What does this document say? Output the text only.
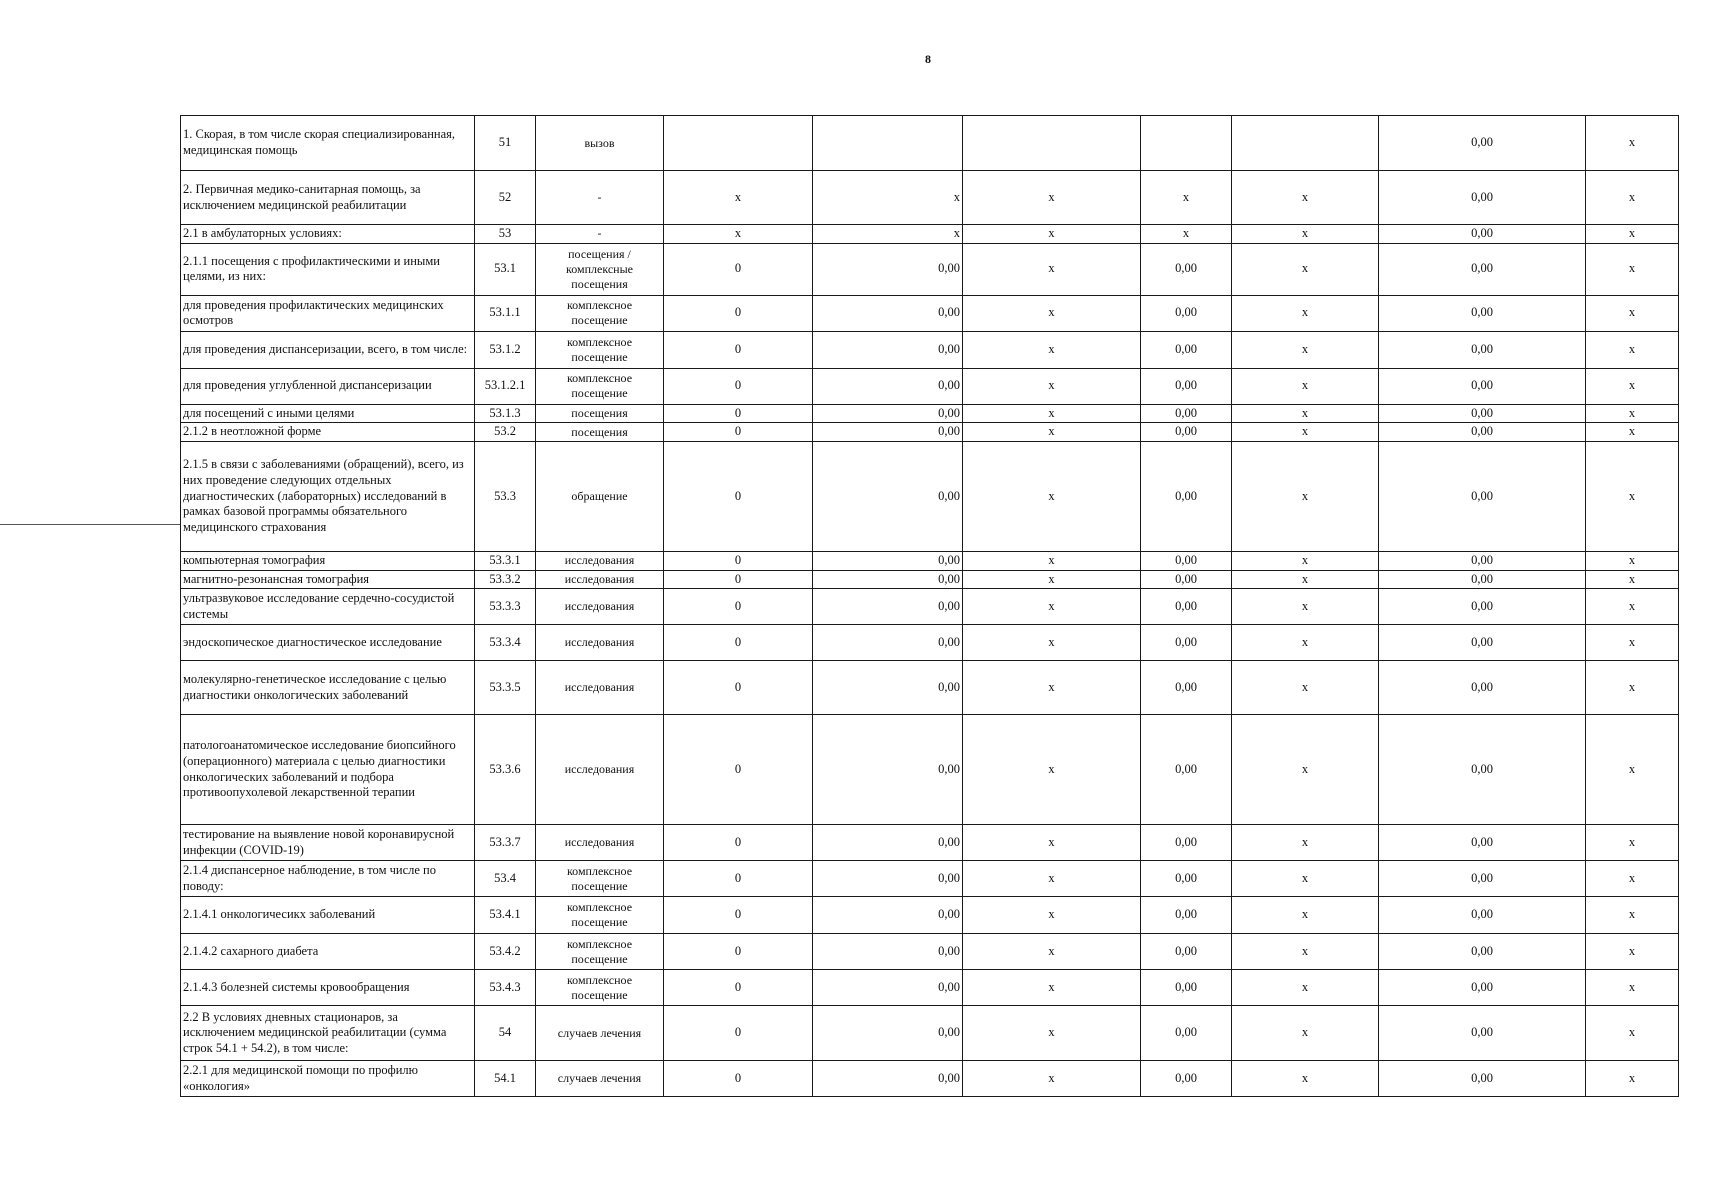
8
1. Скорая, в том числе скорая специализированная, медицинская помощь	51	вызов						0,00	x
2. Первичная медико-санитарная помощь, за исключением медицинской реабилитации	52	-	x	x	x	x	x	0,00	x
2.1 в амбулаторных условиях:	53	-	x	x	x	x	x	0,00	x
2.1.1 посещения с профилактическими и иными целями, из них:	53.1	посещения / комплексные посещения	0	0,00	x	0,00	x	0,00	x
для проведения профилактических медицинских осмотров	53.1.1	комплексное посещение	0	0,00	x	0,00	x	0,00	x
для проведения диспансеризации, всего, в том числе:	53.1.2	комплексное посещение	0	0,00	x	0,00	x	0,00	x
для проведения углубленной диспансеризации	53.1.2.1	комплексное посещение	0	0,00	x	0,00	x	0,00	x
для посещений с иными целями	53.1.3	посещения	0	0,00	x	0,00	x	0,00	x
2.1.2 в неотложной форме	53.2	посещения	0	0,00	x	0,00	x	0,00	x
2.1.5 в связи с заболеваниями (обращений), всего, из них проведение следующих отдельных диагностических (лабораторных) исследований в рамках базовой программы обязательного медицинского страхования	53.3	обращение	0	0,00	x	0,00	x	0,00	x
компьютерная томография	53.3.1	исследования	0	0,00	x	0,00	x	0,00	x
магнитно-резонансная томография	53.3.2	исследования	0	0,00	x	0,00	x	0,00	x
ультразвуковое исследование сердечно-сосудистой системы	53.3.3	исследования	0	0,00	x	0,00	x	0,00	x
эндоскопическое диагностическое исследование	53.3.4	исследования	0	0,00	x	0,00	x	0,00	x
молекулярно-генетическое исследование с целью диагностики онкологических заболеваний	53.3.5	исследования	0	0,00	x	0,00	x	0,00	x
патологоанатомическое исследование биопсийного (операционного) материала с целью диагностики онкологических заболеваний и подбора противоопухолевой лекарственной терапии	53.3.6	исследования	0	0,00	x	0,00	x	0,00	x
тестирование на выявление новой коронавирусной инфекции (COVID-19)	53.3.7	исследования	0	0,00	x	0,00	x	0,00	x
2.1.4 диспансерное наблюдение, в том числе по поводу:	53.4	комплексное посещение	0	0,00	x	0,00	x	0,00	x
2.1.4.1 онкологичесикх заболеваний	53.4.1	комплексное посещение	0	0,00	x	0,00	x	0,00	x
2.1.4.2 сахарного диабета	53.4.2	комплексное посещение	0	0,00	x	0,00	x	0,00	x
2.1.4.3 болезней системы кровообращения	53.4.3	комплексное посещение	0	0,00	x	0,00	x	0,00	x
2.2 В условиях дневных стационаров, за исключением медицинской реабилитации (сумма строк 54.1 + 54.2), в том числе:	54	случаев лечения	0	0,00	x	0,00	x	0,00	x
2.2.1 для медицинской помощи по профилю «онкология»	54.1	случаев лечения	0	0,00	x	0,00	x	0,00	x
